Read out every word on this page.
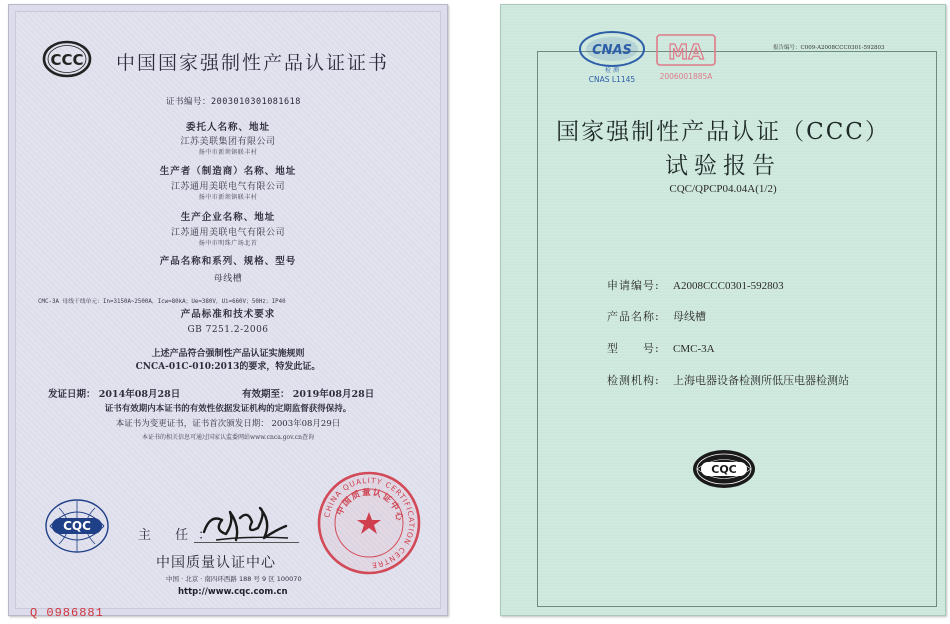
CCC 中国国家强制性产品认证证书
证书编号：2003010301081618
委托人名称、地址
江苏美联集团有限公司
扬中市新坝镇联丰村
生产者（制造商）名称、地址
江苏通用美联电气有限公司
扬中市新坝镇联丰村
生产企业名称、地址
江苏通用美联电气有限公司
扬中市明珠广场北首
产品名称和系列、规格、型号
母线槽
CMC-3A 母线干线单元：In=3150A~2500A，Icw=80kA；Ue=380V，Ui=660V；50Hz；IP40
产品标准和技术要求
GB 7251.2-2006
上述产品符合强制性产品认证实施规则
CNCA-01C-010:2013的要求，特发此证。
发证日期： 2014年08月28日	有效期至： 2019年08月28日
证书有效期内本证书的有效性依据发证机构的定期监督获得保持。
本证书为变更证书，证书首次颁发日期： 2003年08月29日
本证书的相关信息可通过国家认监委网站www.cnca.gov.cn查询
CQC
主 任：
中国质量认证中心
中国 · 北京 · 南四环西路 188 号 9 区 100070
http://www.cqc.com.cn
CHINA QUALITY CERTIFICATION CENTRE
中国质量认证中心
Q 0986881
CNAS
检 测
CNAS L1145
MA
2006001885A
报告编号：C009-A2008CCC0301-592803
国家强制性产品认证（CCC）
试验报告
CQC/QPCP04.04A(1/2)
申请编号: A2008CCC0301-592803
产品名称: 母线槽
型　　号: CMC-3A
检测机构: 上海电器设备检测所低压电器检测站
CQC
